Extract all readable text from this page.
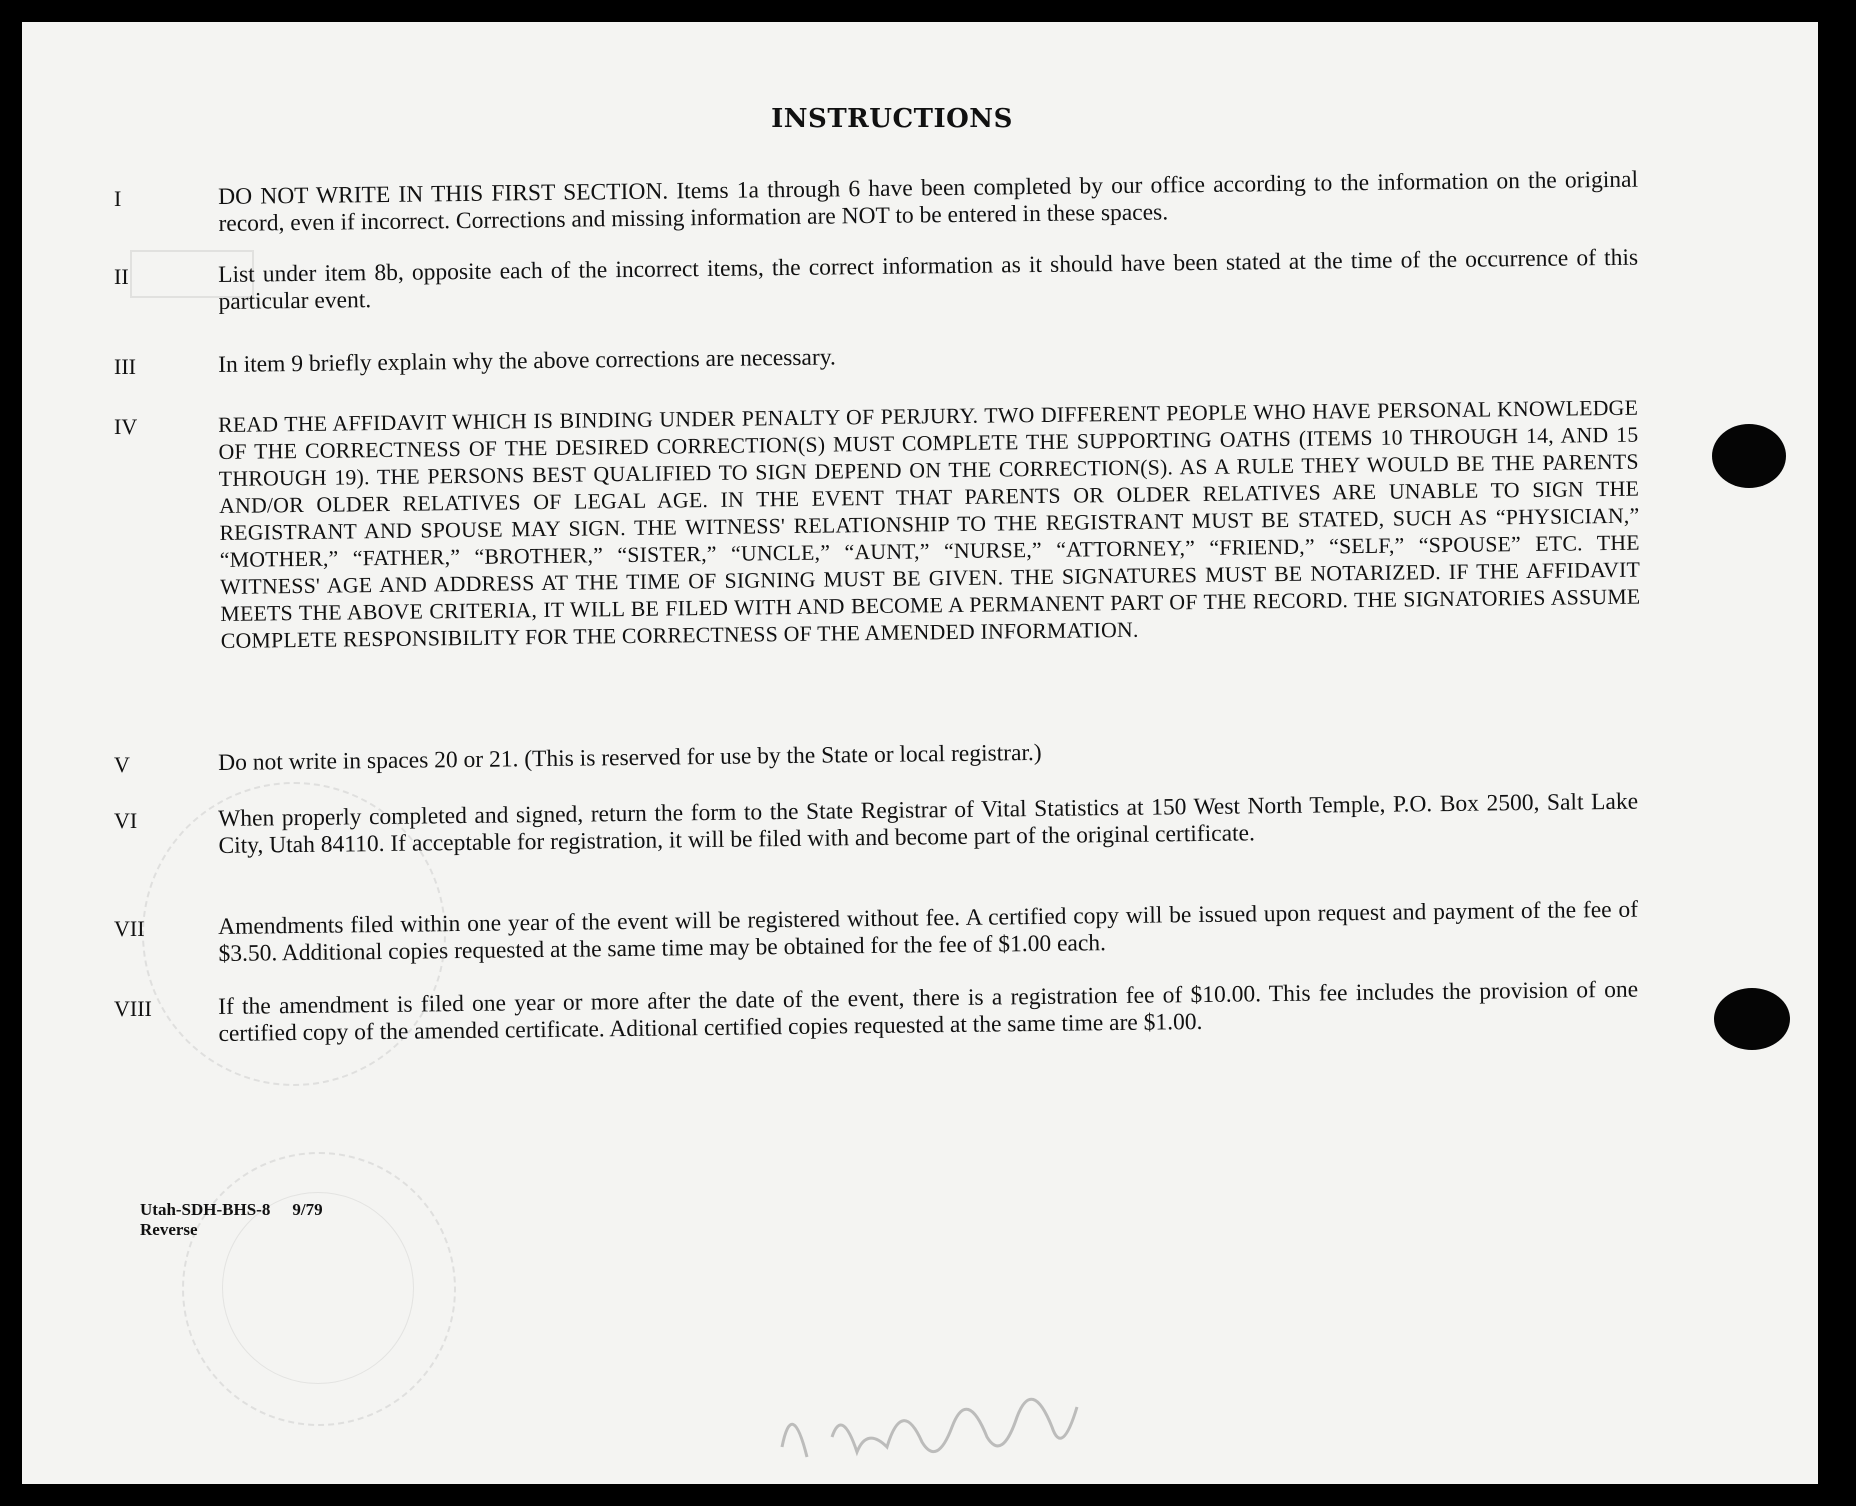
INSTRUCTIONS
I	DO NOT WRITE IN THIS FIRST SECTION. Items 1a through 6 have been completed by our office according to the information on the original record, even if incorrect. Corrections and missing information are NOT to be entered in these spaces.
II	List under item 8b, opposite each of the incorrect items, the correct information as it should have been stated at the time of the occurrence of this particular event.
III	In item 9 briefly explain why the above corrections are necessary.
IV	READ THE AFFIDAVIT WHICH IS BINDING UNDER PENALTY OF PERJURY. TWO DIFFERENT PEOPLE WHO HAVE PERSONAL KNOWLEDGE OF THE CORRECTNESS OF THE DESIRED CORRECTION(S) MUST COMPLETE THE SUPPORTING OATHS (ITEMS 10 THROUGH 14, AND 15 THROUGH 19). THE PERSONS BEST QUALIFIED TO SIGN DEPEND ON THE CORRECTION(S). AS A RULE THEY WOULD BE THE PARENTS AND/OR OLDER RELATIVES OF LEGAL AGE. IN THE EVENT THAT PARENTS OR OLDER RELATIVES ARE UNABLE TO SIGN THE REGISTRANT AND SPOUSE MAY SIGN. THE WITNESS' RELATIONSHIP TO THE REGISTRANT MUST BE STATED, SUCH AS “PHYSICIAN,” “MOTHER,” “FATHER,” “BROTHER,” “SISTER,” “UNCLE,” “AUNT,” “NURSE,” “ATTORNEY,” “FRIEND,” “SELF,” “SPOUSE” ETC. THE WITNESS' AGE AND ADDRESS AT THE TIME OF SIGNING MUST BE GIVEN. THE SIGNATURES MUST BE NOTARIZED. IF THE AFFIDAVIT MEETS THE ABOVE CRITERIA, IT WILL BE FILED WITH AND BECOME A PERMANENT PART OF THE RECORD. THE SIGNATORIES ASSUME COMPLETE RESPONSIBILITY FOR THE CORRECTNESS OF THE AMENDED INFORMATION.
V	Do not write in spaces 20 or 21. (This is reserved for use by the State or local registrar.)
VI	When properly completed and signed, return the form to the State Registrar of Vital Statistics at 150 West North Temple, P.O. Box 2500, Salt Lake City, Utah 84110. If acceptable for registration, it will be filed with and become part of the original certificate.
VII	Amendments filed within one year of the event will be registered without fee. A certified copy will be issued upon request and payment of the fee of $3.50. Additional copies requested at the same time may be obtained for the fee of $1.00 each.
VIII	If the amendment is filed one year or more after the date of the event, there is a registration fee of $10.00. This fee includes the provision of one certified copy of the amended certificate. Aditional certified copies requested at the same time are $1.00.
Utah-SDH-BHS-8 9/79
Reverse
